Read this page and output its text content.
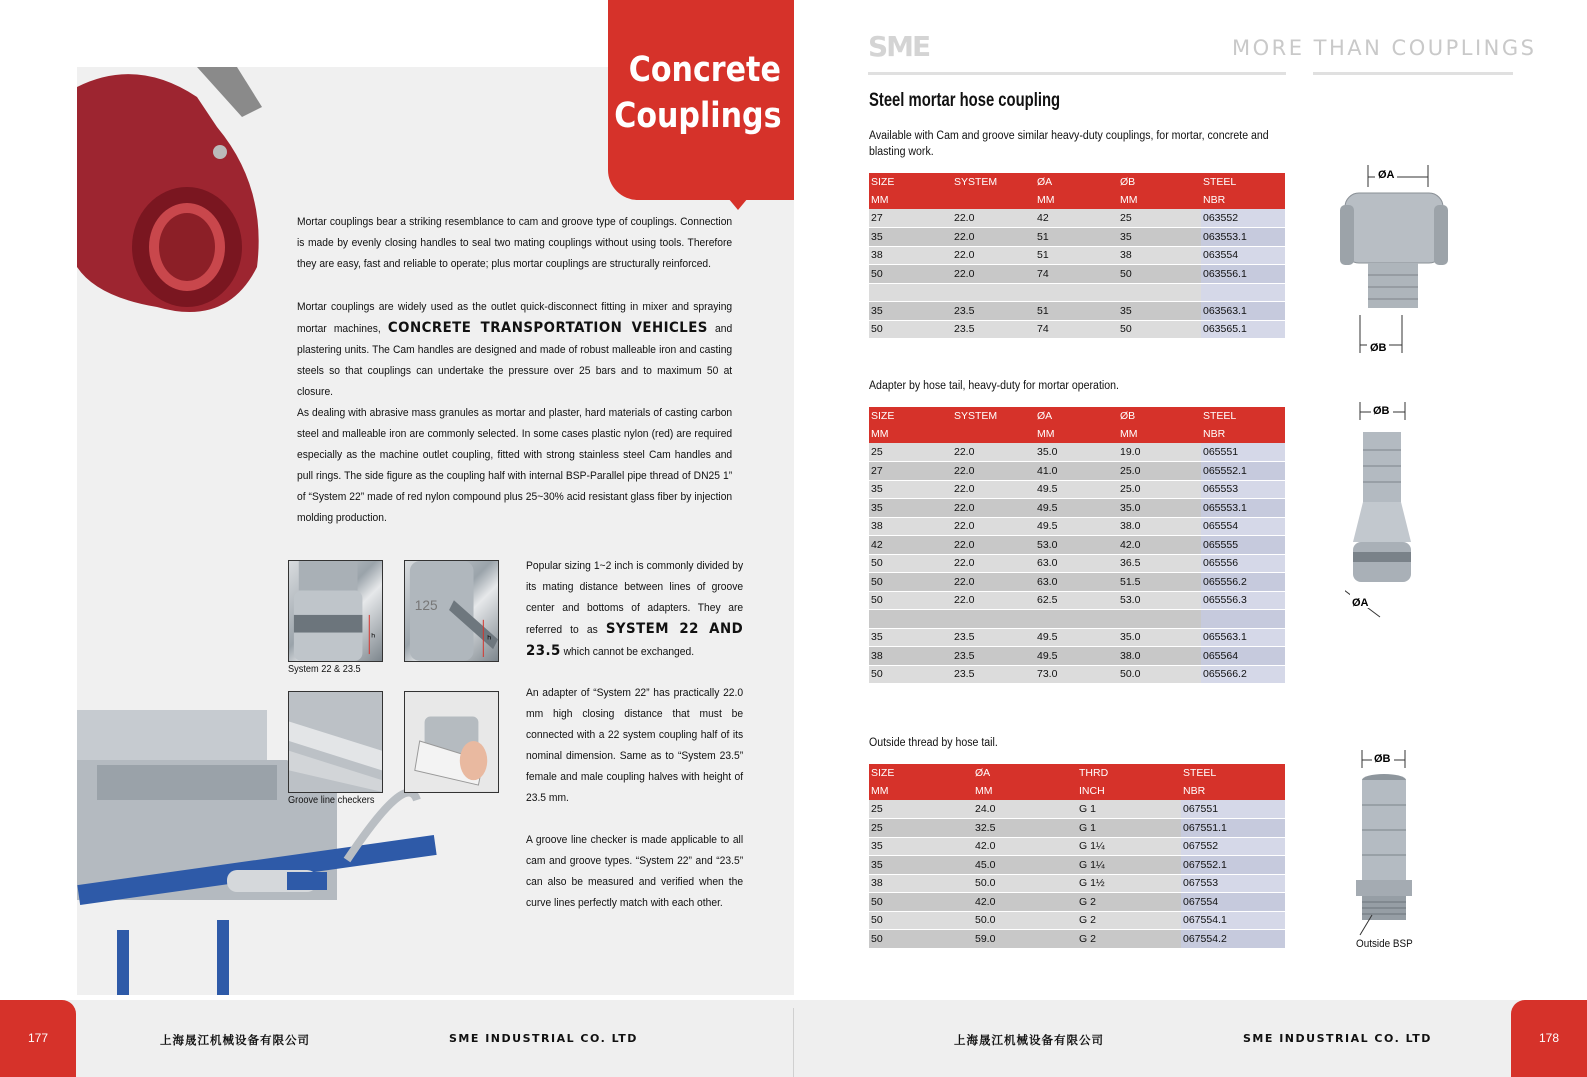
Concrete
Couplings
Mortar couplings bear a striking resemblance to cam and groove type of couplings. Connection is made by evenly closing handles to seal two mating couplings without using tools. Therefore they are easy, fast and reliable to operate; plus mortar couplings are structurally reinforced.
Mortar couplings are widely used as the outlet quick-disconnect fitting in mixer and spraying mortar machines, CONCRETE TRANSPORTATION VEHICLES and plastering units. The Cam handles are designed and made of robust malleable iron and casting steels so that couplings can undertake the pressure over 25 bars and to maximum 50 at closure.
As dealing with abrasive mass granules as mortar and plaster, hard materials of casting carbon steel and malleable iron are commonly selected. In some cases plastic nylon (red) are required especially as the machine outlet coupling, fitted with strong stainless steel Cam handles and pull rings. The side figure as the coupling half with internal BSP-Parallel pipe thread of DN25 1” of “System 22” made of red nylon compound plus 25~30% acid resistant glass fiber by injection molding production.
h
125
h
System 22 & 23.5
Groove line checkers
Popular sizing 1~2 inch is commonly divided by its mating distance between lines of groove center and bottoms of adapters. They are referred to as SYSTEM 22 AND 23.5 which cannot be exchanged.
An adapter of “System 22” has practically 22.0 mm high closing distance that must be connected with a 22 system coupling half of its nominal dimension. Same as to “System 23.5” female and male coupling halves with height of 23.5 mm.
A groove line checker is made applicable to all cam and groove types. “System 22” and “23.5” can also be measured and verified when the curve lines perfectly match with each other.
SME	MORE THAN COUPLINGS
Steel mortar hose coupling
Available with Cam and groove similar heavy-duty couplings, for mortar, concrete and blasting work.
SIZE	SYSTEM	ØA	ØB	STEEL
MM		MM	MM	NBR
27	22.0	42	25	063552
35	22.0	51	35	063553.1
38	22.0	51	38	063554
50	22.0	74	50	063556.1

35	23.5	51	35	063563.1
50	23.5	74	50	063565.1
ØA
ØB
Adapter by hose tail, heavy-duty for mortar operation.
SIZE	SYSTEM	ØA	ØB	STEEL
MM		MM	MM	NBR
25	22.0	35.0	19.0	065551
27	22.0	41.0	25.0	065552.1
35	22.0	49.5	25.0	065553
35	22.0	49.5	35.0	065553.1
38	22.0	49.5	38.0	065554
42	22.0	53.0	42.0	065555
50	22.0	63.0	36.5	065556
50	22.0	63.0	51.5	065556.2
50	22.0	62.5	53.0	065556.3

35	23.5	49.5	35.0	065563.1
38	23.5	49.5	38.0	065564
50	23.5	73.0	50.0	065566.2
ØB
ØA
Outside thread by hose tail.
SIZE	ØA	THRD	STEEL
MM	MM	INCH	NBR
25	24.0	G 1	067551
25	32.5	G 1	067551.1
35	42.0	G 1¼	067552
35	45.0	G 1¼	067552.1
38	50.0	G 1½	067553
50	42.0	G 2	067554
50	50.0	G 2	067554.1
50	59.0	G 2	067554.2
ØB
Outside BSP
177	178
上海晟江机械设备有限公司	SME INDUSTRIAL CO. LTD	上海晟江机械设备有限公司	SME INDUSTRIAL CO. LTD
